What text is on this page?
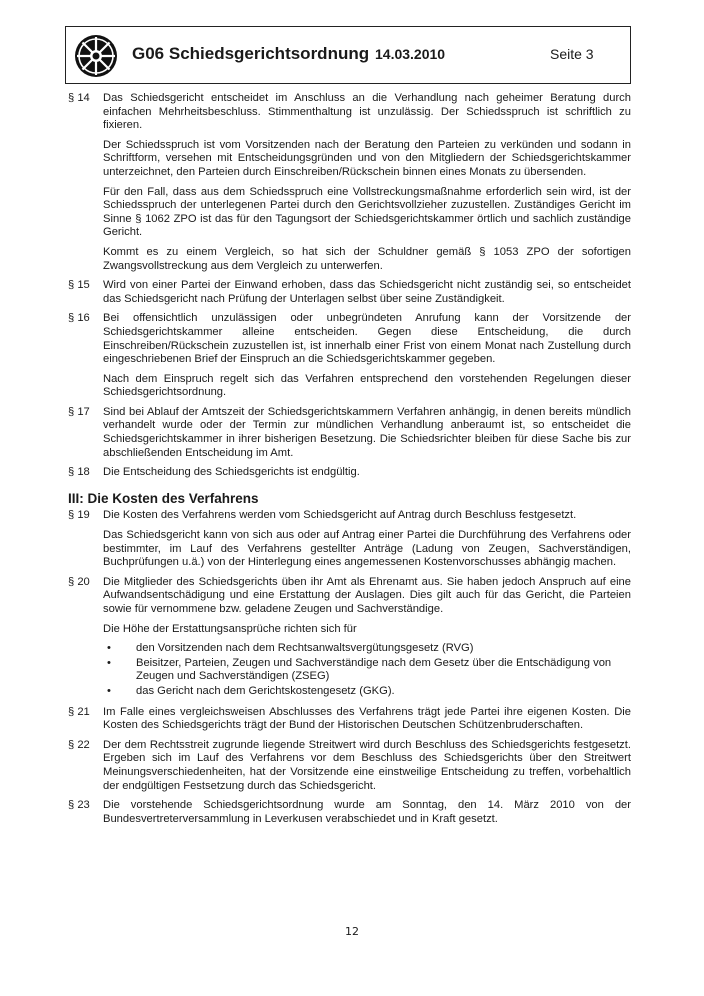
G06 Schiedsgerichtsordnung 14.03.2010	Seite 3
§ 14	Das Schiedsgericht entscheidet im Anschluss an die Verhandlung nach geheimer Beratung durch einfachen Mehrheitsbeschluss. Stimmenthaltung ist unzulässig. Der Schiedsspruch ist schriftlich zu fixieren.

Der Schiedsspruch ist vom Vorsitzenden nach der Beratung den Parteien zu verkünden und sodann in Schriftform, versehen mit Entscheidungsgründen und von den Mitgliedern der Schiedsgerichtskammer unterzeichnet, den Parteien durch Einschreiben/Rückschein binnen eines Monats zu übersenden.

Für den Fall, dass aus dem Schiedsspruch eine Vollstreckungsmaßnahme erforderlich sein wird, ist der Schiedsspruch der unterlegenen Partei durch den Gerichtsvollzieher zuzustellen. Zuständiges Gericht im Sinne § 1062 ZPO ist das für den Tagungsort der Schiedsgerichtskammer örtlich und sachlich zuständige Gericht.

Kommt es zu einem Vergleich, so hat sich der Schuldner gemäß § 1053 ZPO der sofortigen Zwangsvollstreckung aus dem Vergleich zu unterwerfen.

§ 15	Wird von einer Partei der Einwand erhoben, dass das Schiedsgericht nicht zuständig sei, so entscheidet das Schiedsgericht nach Prüfung der Unterlagen selbst über seine Zuständigkeit.

§ 16	Bei offensichtlich unzulässigen oder unbegründeten Anrufung kann der Vorsitzende der Schiedsgerichtskammer alleine entscheiden. Gegen diese Entscheidung, die durch Einschreiben/Rückschein zuzustellen ist, ist innerhalb einer Frist von einem Monat nach Zustellung durch eingeschriebenen Brief der Einspruch an die Schiedsgerichtskammer gegeben.

Nach dem Einspruch regelt sich das Verfahren entsprechend den vorstehenden Regelungen dieser Schiedsgerichtsordnung.

§ 17	Sind bei Ablauf der Amtszeit der Schiedsgerichtskammern Verfahren anhängig, in denen bereits mündlich verhandelt wurde oder der Termin zur mündlichen Verhandlung anberaumt ist, so entscheidet die Schiedsgerichtskammer in ihrer bisherigen Besetzung. Die Schiedsrichter bleiben für diese Sache bis zur abschließenden Entscheidung im Amt.

§ 18	Die Entscheidung des Schiedsgerichts ist endgültig.

III: Die Kosten des Verfahrens
§ 19	Die Kosten des Verfahrens werden vom Schiedsgericht auf Antrag durch Beschluss festgesetzt.

Das Schiedsgericht kann von sich aus oder auf Antrag einer Partei die Durchführung des Verfahrens oder bestimmter, im Lauf des Verfahrens gestellter Anträge (Ladung von Zeugen, Sachverständigen, Buchprüfungen u.ä.) von der Hinterlegung eines angemessenen Kostenvorschusses abhängig machen.

§ 20	Die Mitglieder des Schiedsgerichts üben ihr Amt als Ehrenamt aus. Sie haben jedoch Anspruch auf eine Aufwandsentschädigung und eine Erstattung der Auslagen. Dies gilt auch für das Gericht, die Parteien sowie für vernommene bzw. geladene Zeugen und Sachverständige.

Die Höhe der Erstattungsansprüche richten sich für

•	den Vorsitzenden nach dem Rechtsanwaltsvergütungsgesetz (RVG)
•	Beisitzer, Parteien, Zeugen und Sachverständige nach dem Gesetz über die Entschädigung von Zeugen und Sachverständigen (ZSEG)
•	das Gericht nach dem Gerichtskostengesetz (GKG).
§ 21	Im Falle eines vergleichsweisen Abschlusses des Verfahrens trägt jede Partei ihre eigenen Kosten. Die Kosten des Schiedsgerichts trägt der Bund der Historischen Deutschen Schützenbruderschaften.

§ 22	Der dem Rechtsstreit zugrunde liegende Streitwert wird durch Beschluss des Schiedsgerichts festgesetzt. Ergeben sich im Lauf des Verfahrens vor dem Beschluss des Schiedsgerichts über den Streitwert Meinungsverschiedenheiten, hat der Vorsitzende eine einstweilige Entscheidung zu treffen, vorbehaltlich der endgültigen Festsetzung durch das Schiedsgericht.

§ 23	Die vorstehende Schiedsgerichtsordnung wurde am Sonntag, den 14. März 2010 von der Bundesvertreterversammlung in Leverkusen verabschiedet und in Kraft gesetzt.

12
